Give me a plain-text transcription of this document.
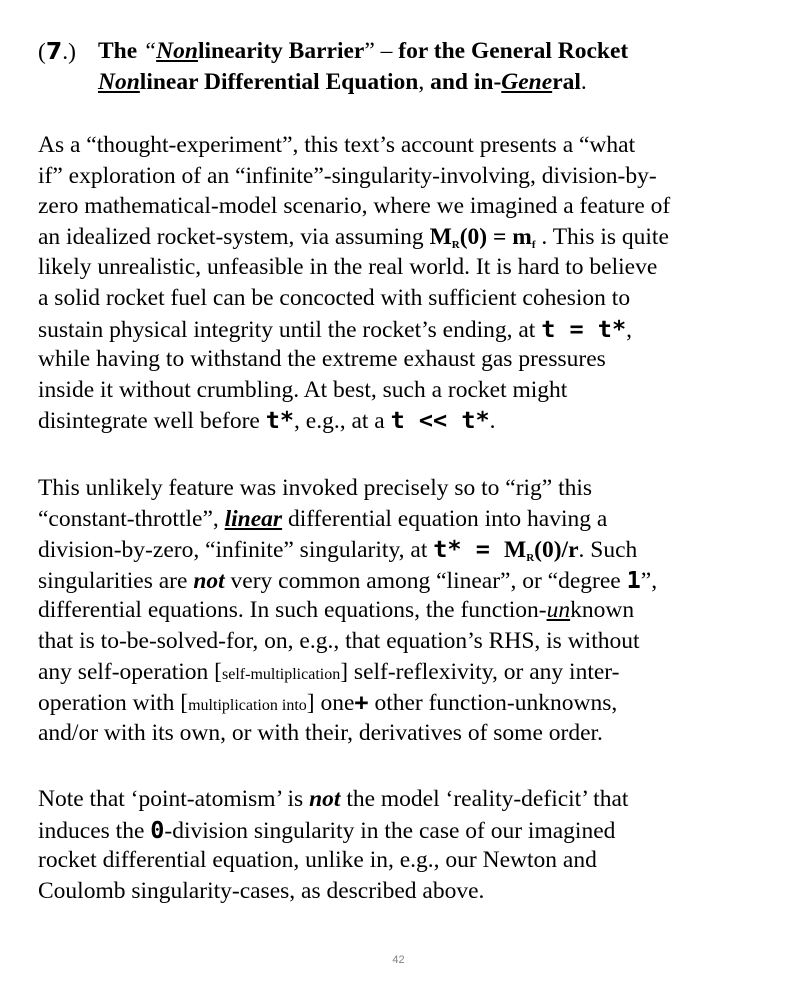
(7.) The “Nonlinearity Barrier” – for the General Rocket
Nonlinear Differential Equation, and in-General.
As a “thought-experiment”, this text’s account presents a “what
if” exploration of an “infinite”-singularity-involving, division-by-
zero mathematical-model scenario, where we imagined a feature of
an idealized rocket-system, via assuming $M_R(0) = m_f$ . This is quite
likely unrealistic, unfeasible in the real world. It is hard to believe
a solid rocket fuel can be concocted with sufficient cohesion to
sustain physical integrity until the rocket’s ending, at t = t*,
while having to withstand the extreme exhaust gas pressures
inside it without crumbling. At best, such a rocket might
disintegrate well before t*, e.g., at a t << t*.
This unlikely feature was invoked precisely so to “rig” this
“constant-throttle”, linear differential equation into having a
division-by-zero, “infinite” singularity, at $t* = M_R(0)/r$. Such
singularities are not very common among “linear”, or “degree 1”,
differential equations. In such equations, the function-unknown
that is to-be-solved-for, on, e.g., that equation’s RHS, is without
any self-operation [self-multiplication] self-reflexivity, or any inter-
operation with [multiplication into] one+ other function-unknowns,
and/or with its own, or with their, derivatives of some order.
Note that ‘point-atomism’ is not the model ‘reality-deficit’ that
induces the 0-division singularity in the case of our imagined
rocket differential equation, unlike in, e.g., our Newton and
Coulomb singularity-cases, as described above.
42
